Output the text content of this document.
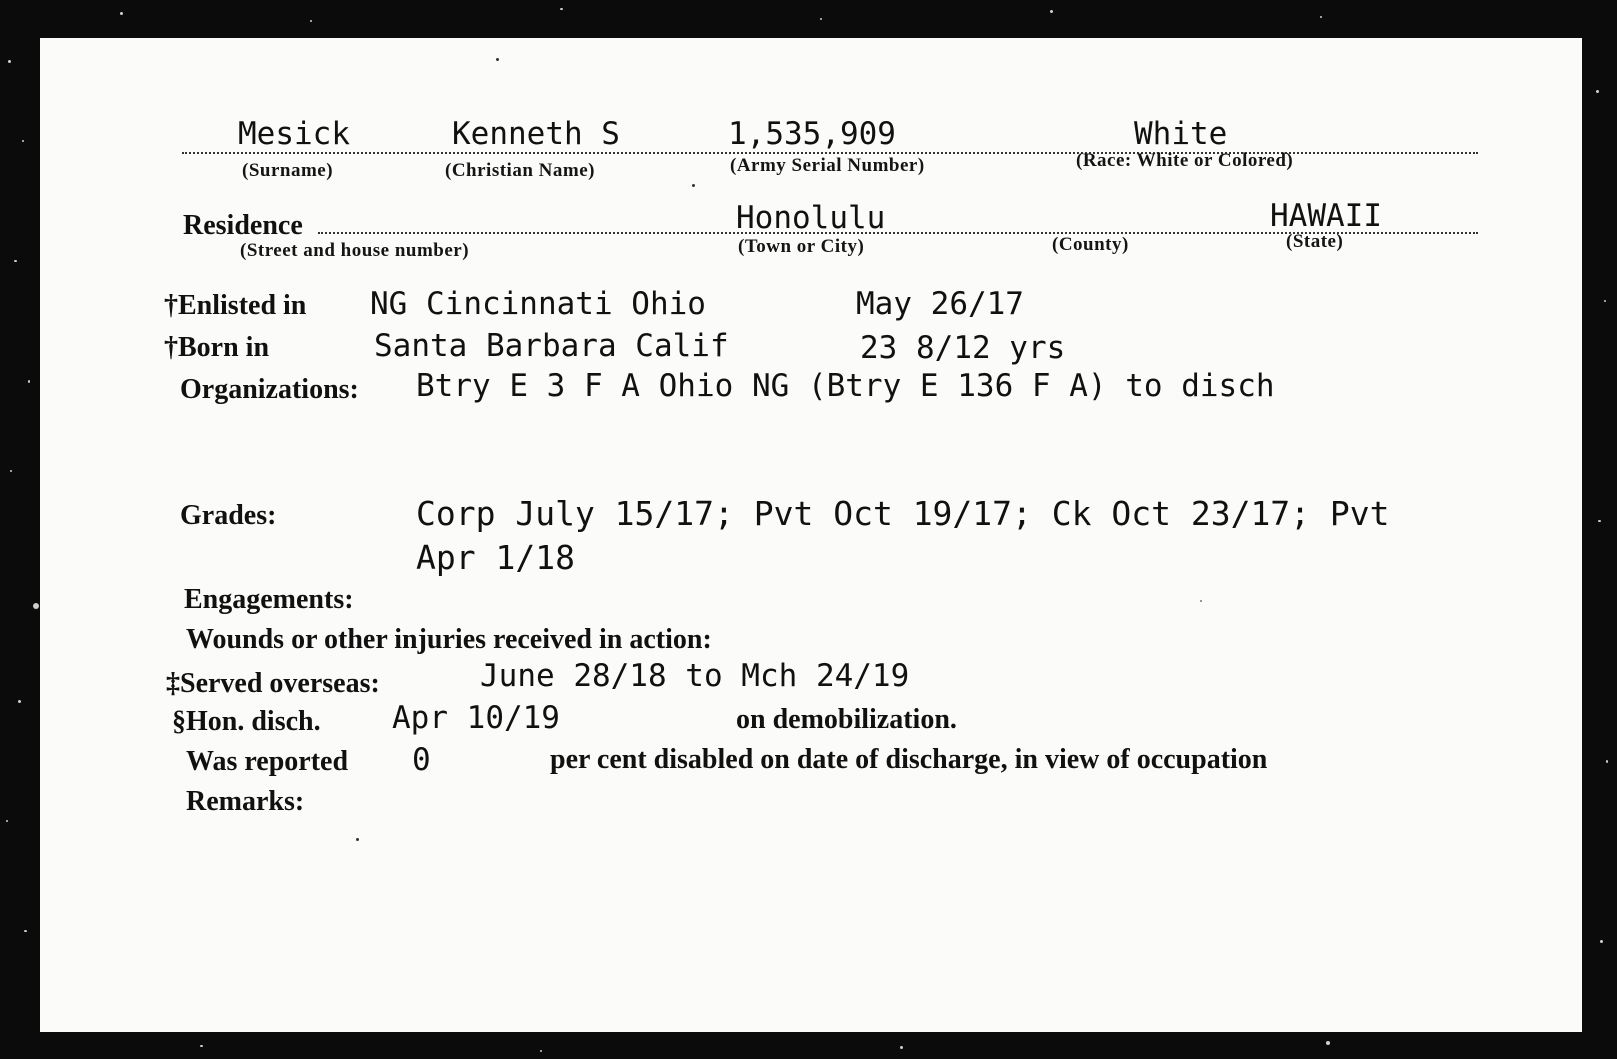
Mesick	Kenneth S	1,535,909	White
(Surname)	(Christian Name)	(Army Serial Number)	(Race: White or Colored)
Residence	Honolulu	HAWAII
(Street and house number)	(Town or City)	(County)	(State)
†Enlisted in NG Cincinnati Ohio	May 26/17
†Born in	Santa Barbara Calif	23 8/12 yrs
Organizations: Btry E 3 F A Ohio NG (Btry E 136 F A) to disch
Grades:	Corp July 15/17; Pvt Oct 19/17; Ck Oct 23/17; Pvt
Apr 1/18
Engagements:
Wounds or other injuries received in action:
‡Served overseas:	June 28/18 to Mch 24/19
§Hon. disch. Apr 10/19	on demobilization.
Was reported 0	per cent disabled on date of discharge, in view of occupation
Remarks:
